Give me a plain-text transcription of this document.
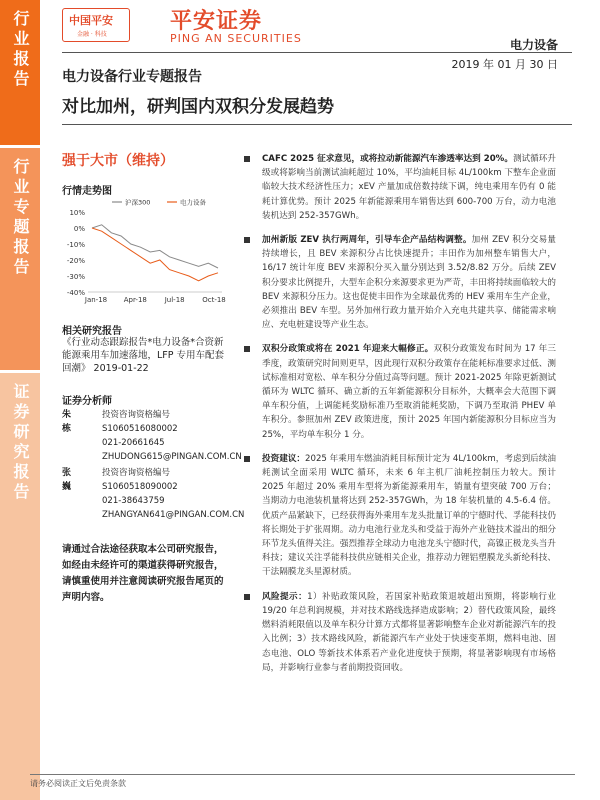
行业报告
行业专题报告
证券研究报告
中国平安
金融 · 科技
平安证券
PING AN SECURITIES	电力设备
2019 年 01 月 30 日
电力设备行业专题报告
对比加州，研判国内双积分发展趋势
强于大市（维持）
行情走势图
10%
0%
-10%
-20%
-30%
-40%
Jan-18 Apr-18	Jul-18	Oct-18
沪深300	电力设备
相关研究报告
《行业动态跟踪报告*电力设备*合资新能源乘用车加速落地，LFP 专用车配套回潮》 2019-01-22
证券分析师
朱栋
投资咨询资格编号
S1060516080002
021-20661645
ZHUDONG615@PINGAN.COM.CN
张巍
投资咨询资格编号
S1060518090002
021-38643759
ZHANGYAN641@PINGAN.COM.CN
请通过合法途径获取本公司研究报告，如经由未经许可的渠道获得研究报告，请慎重使用并注意阅读研究报告尾页的声明内容。
CAFC 2025 征求意见，或将拉动新能源汽车渗透率达到 20%。测试循环升级或将影响当前测试油耗超过 10%，平均油耗目标 4L/100km 下整车企业面临较大技术经济性压力；xEV 产量加成倍数持续下调，纯电乘用车仍有 0 能耗计算优势。预计 2025 年新能源乘用车销售达到 600-700 万台，动力电池装机达到 252-357GWh。
加州新版 ZEV 执行两周年，引导车企产品结构调整。加州 ZEV 积分交易量持续增长，且 BEV 来源积分占比快速提升；丰田作为加州整车销售大户，16/17 统计年度 BEV 来源积分买入量分别达到 3.52/8.82 万分。后续 ZEV 积分要求比例提升，大型车企积分来源要求更为严苛，丰田将持续面临较大的 BEV 来源积分压力。这也促使丰田作为全球最优秀的 HEV 乘用车生产企业，必须推出 BEV 车型。另外加州行政力量开始介入充电共建共享、储能需求响应、充电桩建设等产业生态。
双积分政策或将在 2021 年迎来大幅修正。双积分政策发布时间为 17 年三季度，政策研究时间则更早，因此现行双积分政策存在能耗标准要求过低、测试标准相对宽松、单车积分分值过高等问题。预计 2021-2025 年除更新测试循环为 WLTC 循环、确立新的五年新能源积分目标外，大概率会大范围下调单车积分值，上调能耗奖励标准乃至取消能耗奖励，下调乃至取消 PHEV 单车积分。参照加州 ZEV 政策进度，预计 2025 年国内新能源积分目标应当为 25%，平均单车积分 1 分。
投资建议：2025 年乘用车燃油消耗目标预计定为 4L/100km，考虑到后续油耗测试全面采用 WLTC 循环，未来 6 年主机厂油耗控制压力较大。预计 2025 年超过 20% 乘用车型将为新能源乘用车，销量有望突破 700 万台；当期动力电池装机量将达到 252-357GWh，为 18 年装机量的 4.5-6.4 倍。优质产品紧缺下，已经获得海外乘用车龙头批量订单的宁德时代、孚能科技仍将长期处于扩张周期。动力电池行业龙头和受益于海外产业链技术溢出的细分环节龙头值得关注。强烈推荐全球动力电池龙头宁德时代，高镍正极龙头当升科技；建议关注孚能科技供应链相关企业，推荐动力锂铝塑膜龙头新纶科技、干法隔膜龙头星源材质。
风险提示：1）补贴政策风险，若国家补贴政策退坡超出预期，将影响行业 19/20 年总利润规模，并对技术路线选择造成影响；2）替代政策风险，最终燃料消耗限值以及单车积分计算方式都将显著影响整车企业对新能源汽车的投入比例；3）技术路线风险，新能源汽车产业处于快速变革期，燃料电池、固态电池、OLO 等新技术体系若产业化进度快于预期，将显著影响现有市场格局，并影响行业参与者前期投资回收。
请务必阅读正文后免责条款
